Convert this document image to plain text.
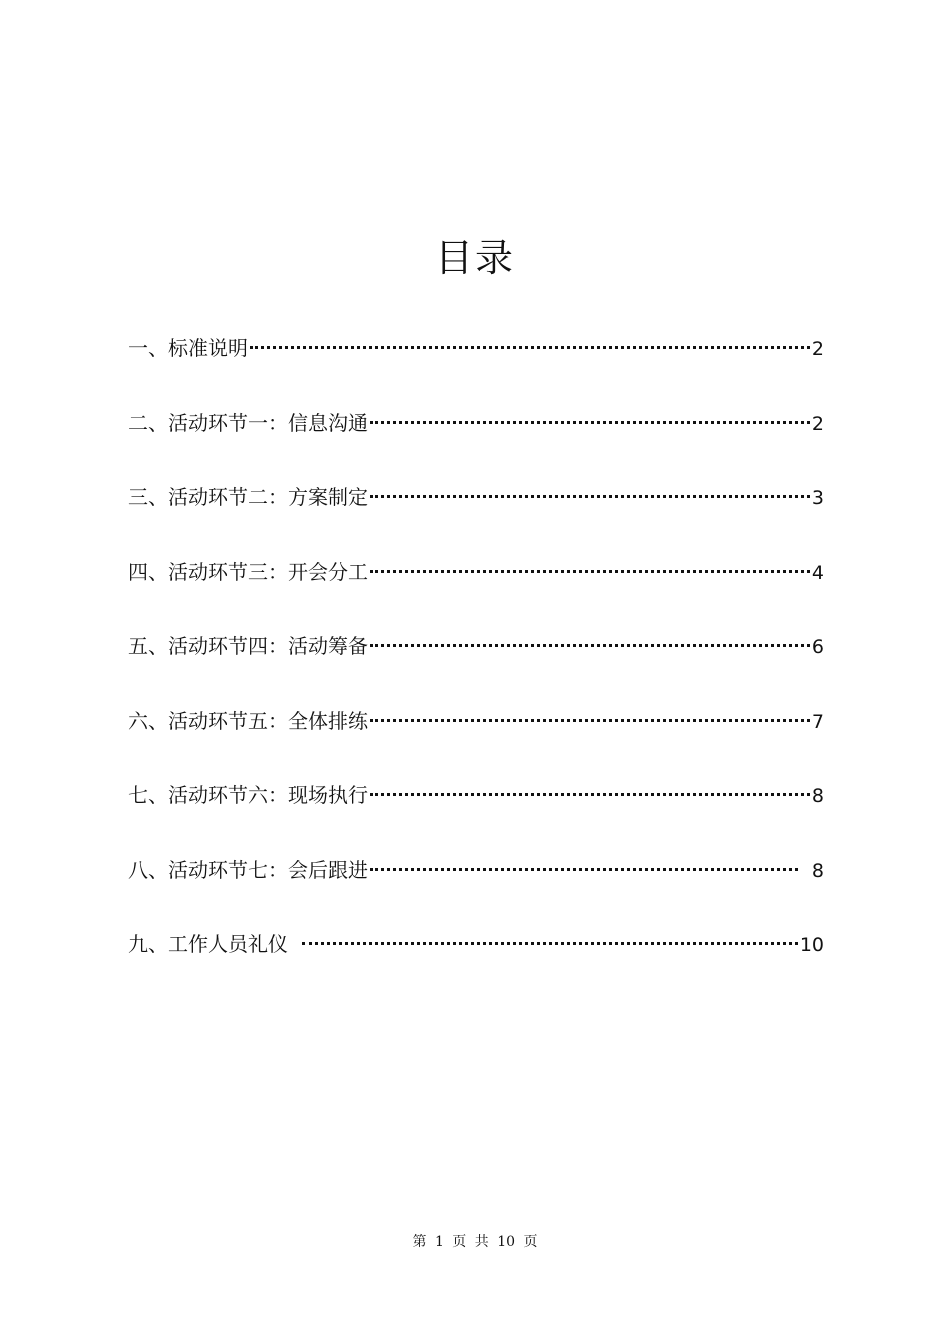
目录
一、标准说明	2
二、活动环节一：信息沟通	2
三、活动环节二：方案制定	3
四、活动环节三：开会分工	4
五、活动环节四：活动筹备	6
六、活动环节五：全体排练	7
七、活动环节六：现场执行	8
八、活动环节七：会后跟进	8
九、工作人员礼仪	10
第 1 页 共 10 页
